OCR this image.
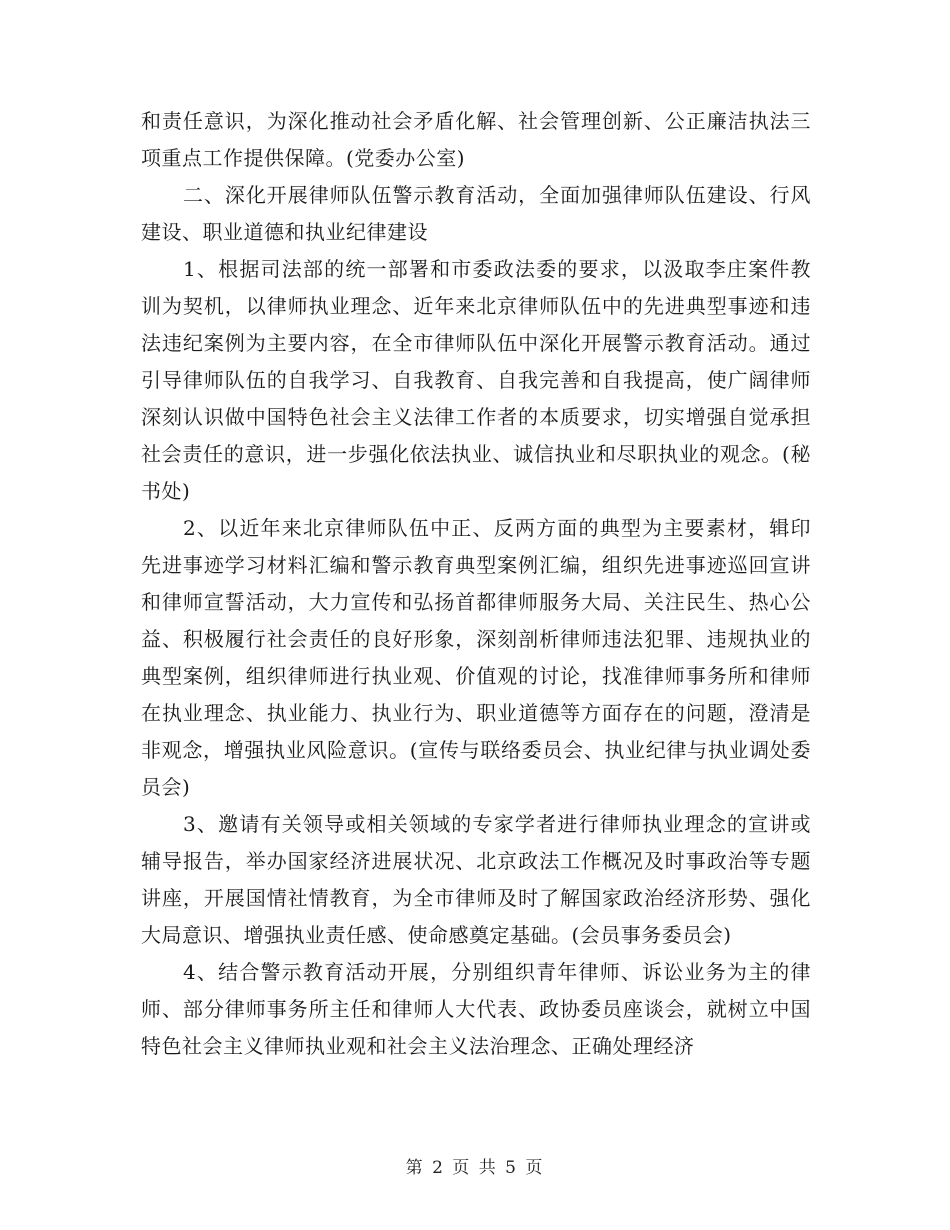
和责任意识，为深化推动社会矛盾化解、社会管理创新、公正廉洁执法三项重点工作提供保障。(党委办公室)

二、深化开展律师队伍警示教育活动，全面加强律师队伍建设、行风建设、职业道德和执业纪律建设

1、根据司法部的统一部署和市委政法委的要求，以汲取李庄案件教训为契机，以律师执业理念、近年来北京律师队伍中的先进典型事迹和违法违纪案例为主要内容，在全市律师队伍中深化开展警示教育活动。通过引导律师队伍的自我学习、自我教育、自我完善和自我提高，使广阔律师深刻认识做中国特色社会主义法律工作者的本质要求，切实增强自觉承担社会责任的意识，进一步强化依法执业、诚信执业和尽职执业的观念。(秘书处)

2、以近年来北京律师队伍中正、反两方面的典型为主要素材，辑印先进事迹学习材料汇编和警示教育典型案例汇编，组织先进事迹巡回宣讲和律师宣誓活动，大力宣传和弘扬首都律师服务大局、关注民生、热心公益、积极履行社会责任的良好形象，深刻剖析律师违法犯罪、违规执业的典型案例，组织律师进行执业观、价值观的讨论，找准律师事务所和律师在执业理念、执业能力、执业行为、职业道德等方面存在的问题，澄清是非观念，增强执业风险意识。(宣传与联络委员会、执业纪律与执业调处委员会)

3、邀请有关领导或相关领域的专家学者进行律师执业理念的宣讲或辅导报告，举办国家经济进展状况、北京政法工作概况及时事政治等专题讲座，开展国情社情教育，为全市律师及时了解国家政治经济形势、强化大局意识、增强执业责任感、使命感奠定基础。(会员事务委员会)

4、结合警示教育活动开展，分别组织青年律师、诉讼业务为主的律师、部分律师事务所主任和律师人大代表、政协委员座谈会，就树立中国特色社会主义律师执业观和社会主义法治理念、正确处理经济

第 2 页 共 5 页
